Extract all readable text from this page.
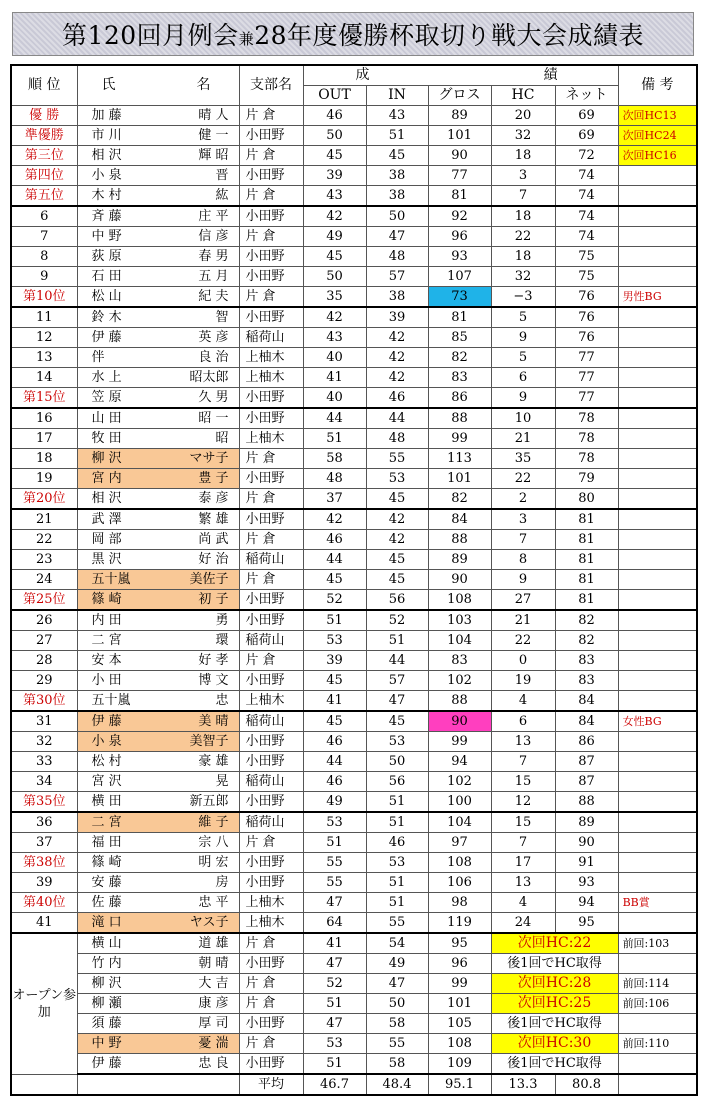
第120回月例会兼28年度優勝杯取切り戦大会成績表
順 位	氏 名	支部名	成 績					備 考
			OUT	IN	グロス	HC	ネット	
優 勝	加 藤 晴 人	片 倉	46	43	89	20	69	次回HC13
準優勝	市 川 健 一	小田野	50	51	101	32	69	次回HC24
第三位	相 沢 輝 昭	片 倉	45	45	90	18	72	次回HC16
第四位	小 泉 晋	小田野	39	38	77	3	74	
第五位	木 村 紘	片 倉	43	38	81	7	74	
6	斉 藤 庄 平	小田野	42	50	92	18	74	
7	中 野 信 彦	片 倉	49	47	96	22	74	
8	荻 原 春 男	小田野	45	48	93	18	75	
9	石 田 五 月	小田野	50	57	107	32	75	
第10位	松 山 紀 夫	片 倉	35	38	73	−3	76	男性BG
11	鈴 木 智	小田野	42	39	81	5	76	
12	伊 藤 英 彦	稲荷山	43	42	85	9	76	
13	伴 良 治	上柚木	40	42	82	5	77	
14	水 上 昭太郎	上柚木	41	42	83	6	77	
第15位	笠 原 久 男	小田野	40	46	86	9	77	
16	山 田 昭 一	小田野	44	44	88	10	78	
17	牧 田 昭	上柚木	51	48	99	21	78	
18	柳 沢 マサ子	片 倉	58	55	113	35	78	
19	宮 内 豊 子	小田野	48	53	101	22	79	
第20位	相 沢 泰 彦	片 倉	37	45	82	2	80	
21	武 澤 繁 雄	小田野	42	42	84	3	81	
22	岡 部 尚 武	片 倉	46	42	88	7	81	
23	黒 沢 好 治	稲荷山	44	45	89	8	81	
24	五十嵐 美佐子	片 倉	45	45	90	9	81	
第25位	篠 崎 初 子	小田野	52	56	108	27	81	
26	内 田 勇	小田野	51	52	103	21	82	
27	二 宮 環	稲荷山	53	51	104	22	82	
28	安 本 好 孝	片 倉	39	44	83	0	83	
29	小 田 博 文	小田野	45	57	102	19	83	
第30位	五十嵐 忠	上柚木	41	47	88	4	84	
31	伊 藤 美 晴	稲荷山	45	45	90	6	84	女性BG
32	小 泉 美智子	小田野	46	53	99	13	86	
33	松 村 豪 雄	小田野	44	50	94	7	87	
34	宮 沢 晃	稲荷山	46	56	102	15	87	
第35位	横 田 新五郎	小田野	49	51	100	12	88	
36	二 宮 維 子	稲荷山	53	51	104	15	89	
37	福 田 宗 八	片 倉	51	46	97	7	90	
第38位	篠 崎 明 宏	小田野	55	53	108	17	91	
39	安 藤 房	小田野	55	51	106	13	93	
第40位	佐 藤 忠 平	上柚木	47	51	98	4	94	BB賞
41	滝 口 ヤス子	上柚木	64	55	119	24	95	
オープン参加	横 山 道 雄	片 倉	41	54	95	次回HC:22		前回:103

	竹 内 朝 晴	小田野	47	49	96	後1回でHC取得		

	柳 沢 大 吉	片 倉	52	47	99	次回HC:28		前回:114

	柳 瀬 康 彦	片 倉	51	50	101	次回HC:25		前回:106

	須 藤 厚 司	小田野	47	58	105	後1回でHC取得		

	中 野 憂 湍	片 倉	53	55	108	次回HC:30		前回:110

	伊 藤 忠 良	小田野	51	58	109	後1回でHC取得		
		平均	46.7	48.4	95.1	13.3	80.8	
